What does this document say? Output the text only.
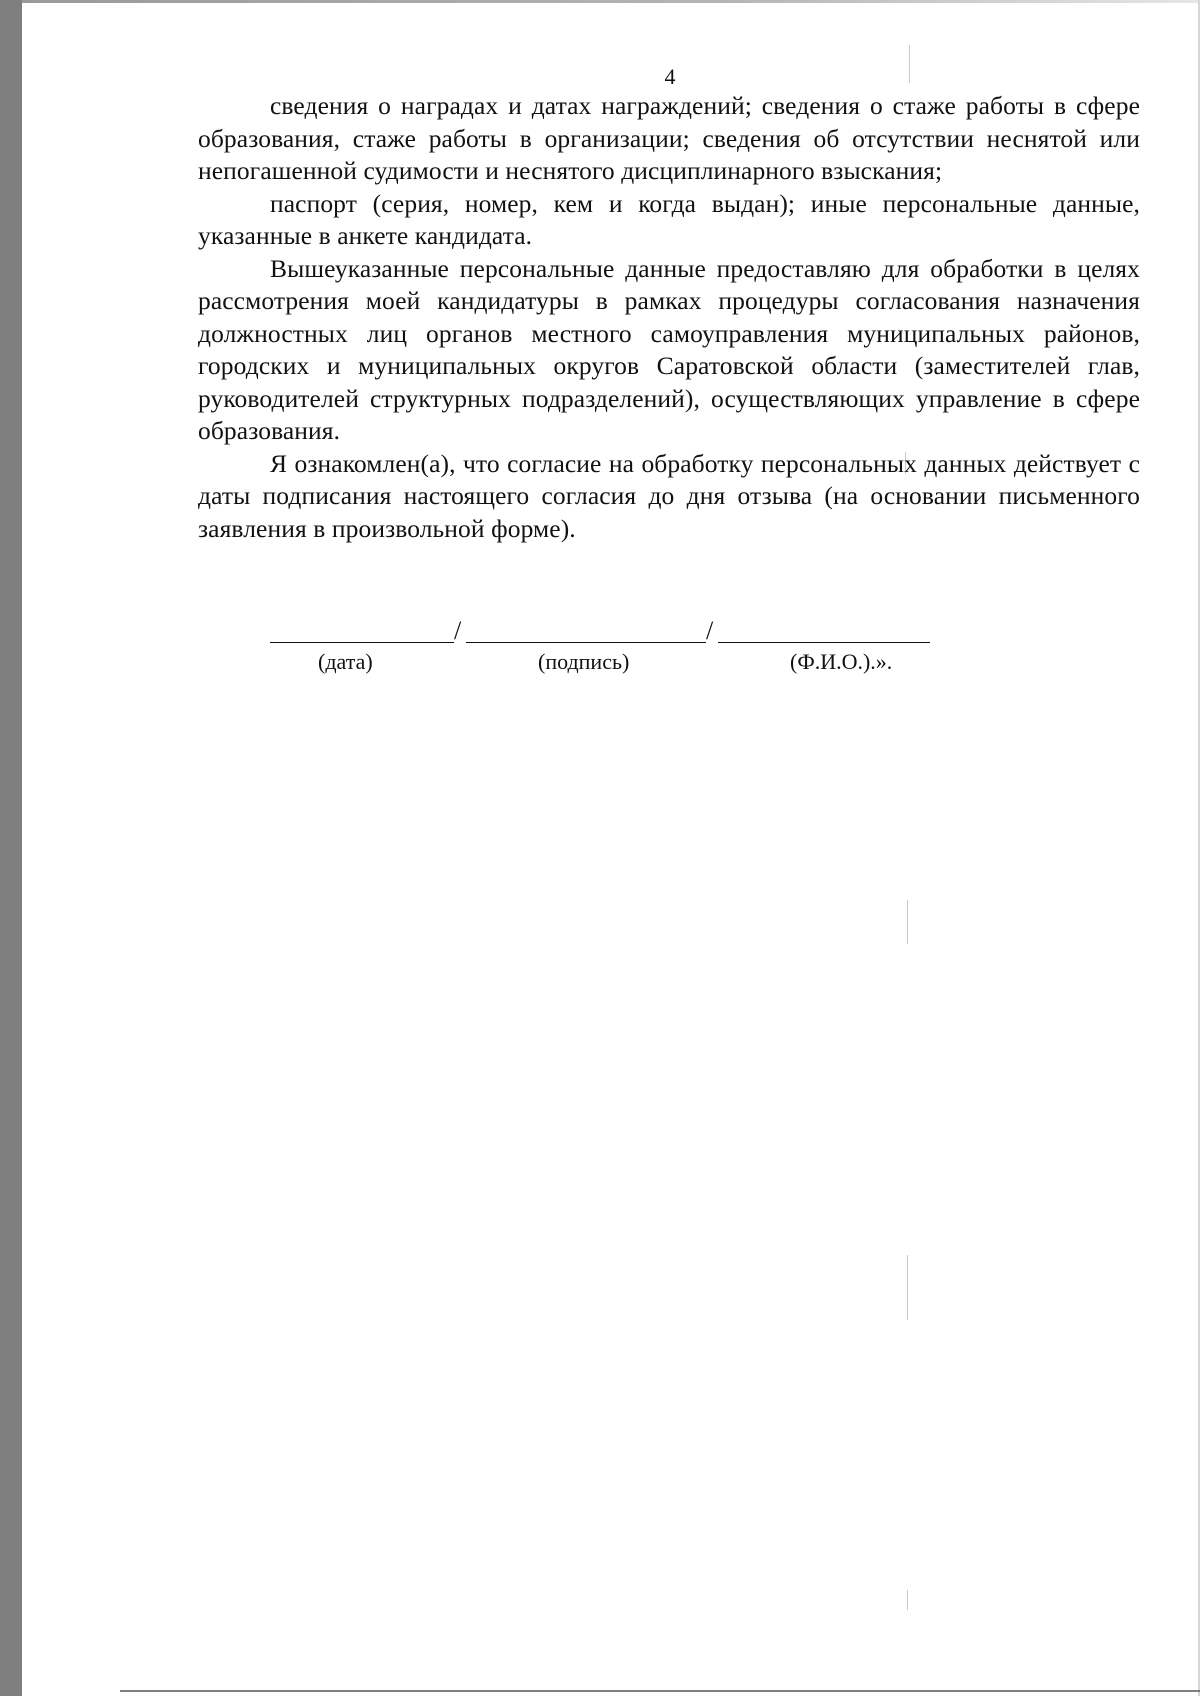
4

сведения о наградах и датах награждений; сведения о стаже работы в сфере образования, стаже работы в организации; сведения об отсутствии неснятой или непогашенной судимости и неснятого дисциплинарного взыскания;

паспорт (серия, номер, кем и когда выдан); иные персональные данные, указанные в анкете кандидата.

Вышеуказанные персональные данные предоставляю для обработки в целях рассмотрения моей кандидатуры в рамках процедуры согласования назначения должностных лиц органов местного самоуправления муниципальных районов, городских и муниципальных округов Саратовской области (заместителей глав, руководителей структурных подразделений), осуществляющих управление в сфере образования.

Я ознакомлен(а), что согласие на обработку персональных данных действует с даты подписания настоящего согласия до дня отзыва (на основании письменного заявления в произвольной форме).

/	/
(дата)	(подпись)	(Ф.И.О.).».
